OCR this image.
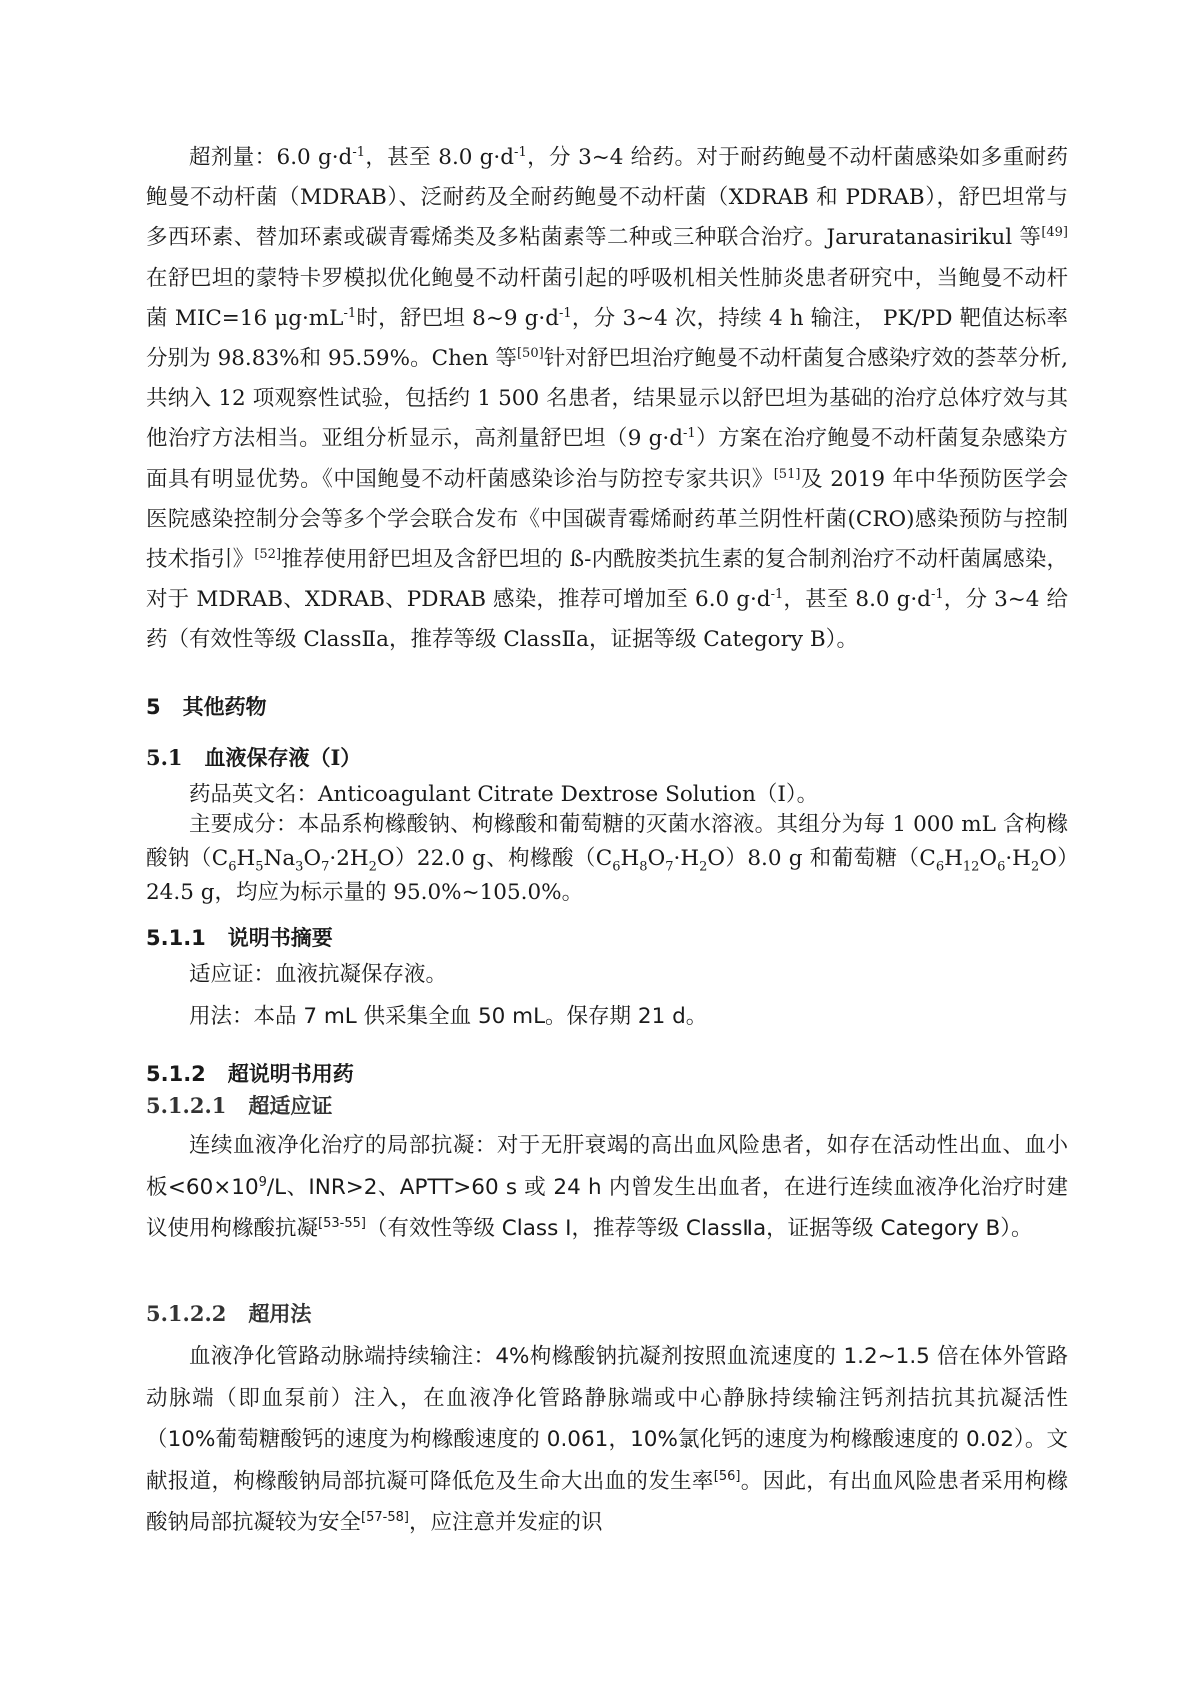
超剂量：6.0 $g\cdot d^{-1}$，甚至 8.0 $g\cdot d^{-1}$，分 3~4 给药。对于耐药鲍曼不动杆菌感染如多重耐药鲍曼不动杆菌（MDRAB）、泛耐药及全耐药鲍曼不动杆菌（XDRAB 和 PDRAB），舒巴坦常与多西环素、替加环素或碳青霉烯类及多粘菌素等二种或三种联合治疗。Jaruratanasirikul 等[49]在舒巴坦的蒙特卡罗模拟优化鲍曼不动杆菌引起的呼吸机相关性肺炎患者研究中，当鲍曼不动杆菌 MIC=16 $\mu g\cdot mL^{-1}$时，舒巴坦 8~9 $g\cdot d^{-1}$，分 3~4 次，持续 4 h 输注， PK/PD 靶值达标率分别为 98.83%和 95.59%。Chen 等[50]针对舒巴坦治疗鲍曼不动杆菌复合感染疗效的荟萃分析,共纳入 12 项观察性试验，包括约 1 500 名患者，结果显示以舒巴坦为基础的治疗总体疗效与其他治疗方法相当。亚组分析显示，高剂量舒巴坦（9 $g\cdot d^{-1}$）方案在治疗鲍曼不动杆菌复杂感染方面具有明显优势。《中国鲍曼不动杆菌感染诊治与防控专家共识》[51]及 2019 年中华预防医学会医院感染控制分会等多个学会联合发布《中国碳青霉烯耐药革兰阴性杆菌(CRO)感染预防与控制技术指引》[52]推荐使用舒巴坦及含舒巴坦的 ß-内酰胺类抗生素的复合制剂治疗不动杆菌属感染，对于 MDRAB、XDRAB、PDRAB 感染，推荐可增加至 6.0 $g\cdot d^{-1}$，甚至 8.0 $g\cdot d^{-1}$，分 3~4 给药（有效性等级 ClassⅡa，推荐等级 ClassⅡa，证据等级 Category B）。

5 其他药物
5.1 血液保存液（I）

药品英文名：Anticoagulant Citrate Dextrose Solution（I）。

主要成分：本品系枸橼酸钠、枸橼酸和葡萄糖的灭菌水溶液。其组分为每 1 000 mL 含枸橼酸钠$(C_6H_5Na_3O_7\cdot 2H_2O)22.0$ g、枸橼酸$(C_6H_8O_7\cdot H_2O)8.0$ g 和葡萄糖$(C_6H_{12}O_6\cdot H_2O)24.5$ g，均应为标示量的 95.0%~105.0%。

5.1.1 说明书摘要

适应证：血液抗凝保存液。

用法：本品 7 mL 供采集全血 50 mL。保存期 21 d。

5.1.2 超说明书用药
5.1.2.1 超适应证

连续血液净化治疗的局部抗凝：对于无肝衰竭的高出血风险患者，如存在活动性出血、血小板$<60\times 10^9/L$、INR>2、APTT>60 s 或 24 h 内曾发生出血者，在进行连续血液净化治疗时建议使用枸橼酸抗凝[53-55]（有效性等级 Class I，推荐等级 ClassⅡa，证据等级 Category B）。

5.1.2.2 超用法

血液净化管路动脉端持续输注：4%枸橼酸钠抗凝剂按照血流速度的 1.2~1.5 倍在体外管路动脉端（即血泵前）注入，在血液净化管路静脉端或中心静脉持续输注钙剂拮抗其抗凝活性（10%葡萄糖酸钙的速度为枸橼酸速度的 0.061，10%氯化钙的速度为枸橼酸速度的 0.02）。文献报道，枸橼酸钠局部抗凝可降低危及生命大出血的发生率[56]。因此，有出血风险患者采用枸橼酸钠局部抗凝较为安全[57-58]，应注意并发症的识
